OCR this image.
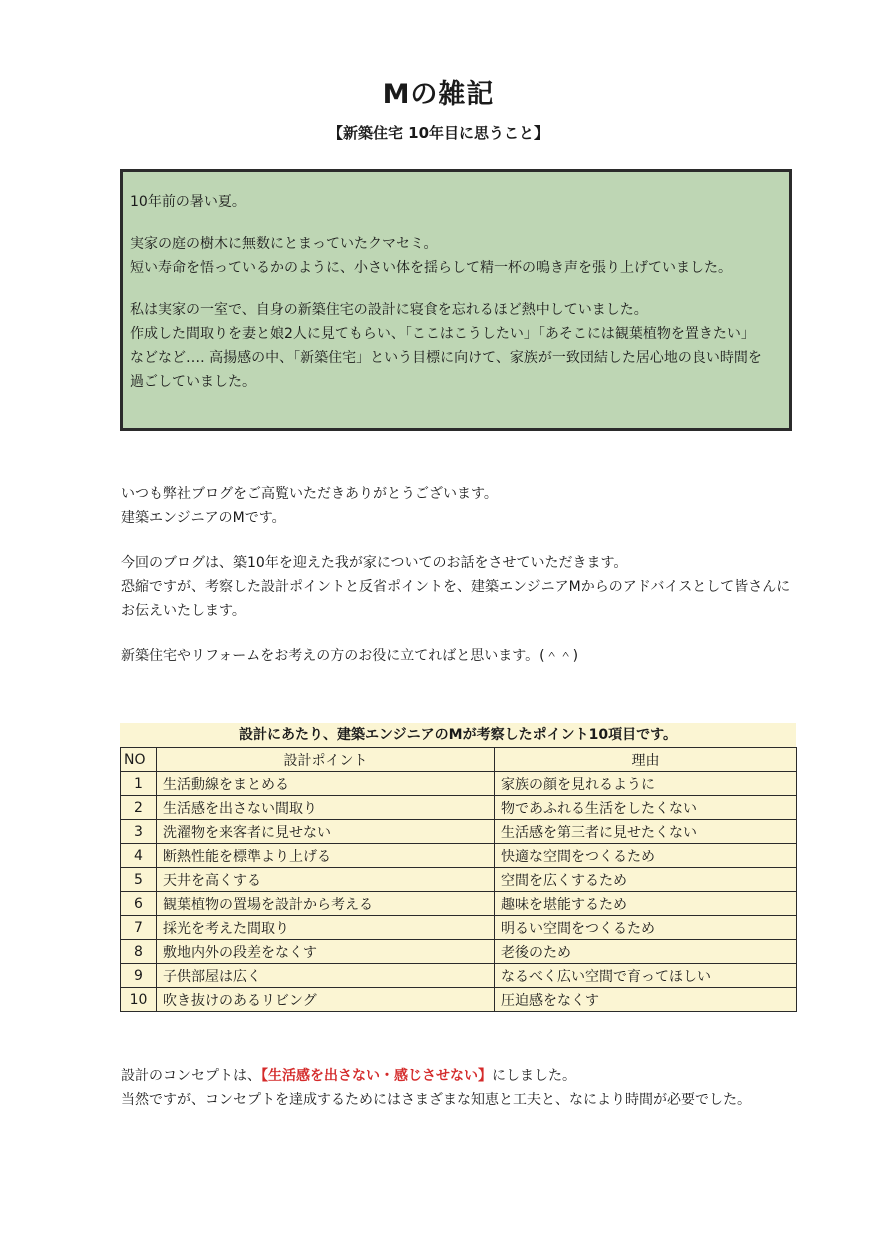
Mの雑記
【新築住宅 10年目に思うこと】

10年前の暑い夏。

実家の庭の樹木に無数にとまっていたクマセミ。

短い寿命を悟っているかのように、小さい体を揺らして精一杯の鳴き声を張り上げていました。

私は実家の一室で、自身の新築住宅の設計に寝食を忘れるほど熱中していました。

作成した間取りを妻と娘2人に見てもらい、「ここはこうしたい」「あそこには観葉植物を置きたい」

などなど‥‥ 高揚感の中、「新築住宅」という目標に向けて、家族が一致団結した居心地の良い時間を

過ごしていました。

いつも弊社ブログをご高覧いただきありがとうございます。

建築エンジニアのMです。

今回のブログは、築10年を迎えた我が家についてのお話をさせていただきます。

恐縮ですが、考察した設計ポイントと反省ポイントを、建築エンジニアMからのアドバイスとして皆さんに

お伝えいたします。

新築住宅やリフォームをお考えの方のお役に立てればと思います。(＾＾)

設計にあたり、建築エンジニアのMが考察したポイント10項目です。
NO	設計ポイント	理由
1	生活動線をまとめる	家族の顔を見れるように
2	生活感を出さない間取り	物であふれる生活をしたくない
3	洗濯物を来客者に見せない	生活感を第三者に見せたくない
4	断熱性能を標準より上げる	快適な空間をつくるため
5	天井を高くする	空間を広くするため
6	観葉植物の置場を設計から考える	趣味を堪能するため
7	採光を考えた間取り	明るい空間をつくるため
8	敷地内外の段差をなくす	老後のため
9	子供部屋は広く	なるべく広い空間で育ってほしい
10	吹き抜けのあるリビング	圧迫感をなくす

設計のコンセプトは、【生活感を出さない・感じさせない】にしました。

当然ですが、コンセプトを達成するためにはさまざまな知恵と工夫と、なにより時間が必要でした。
